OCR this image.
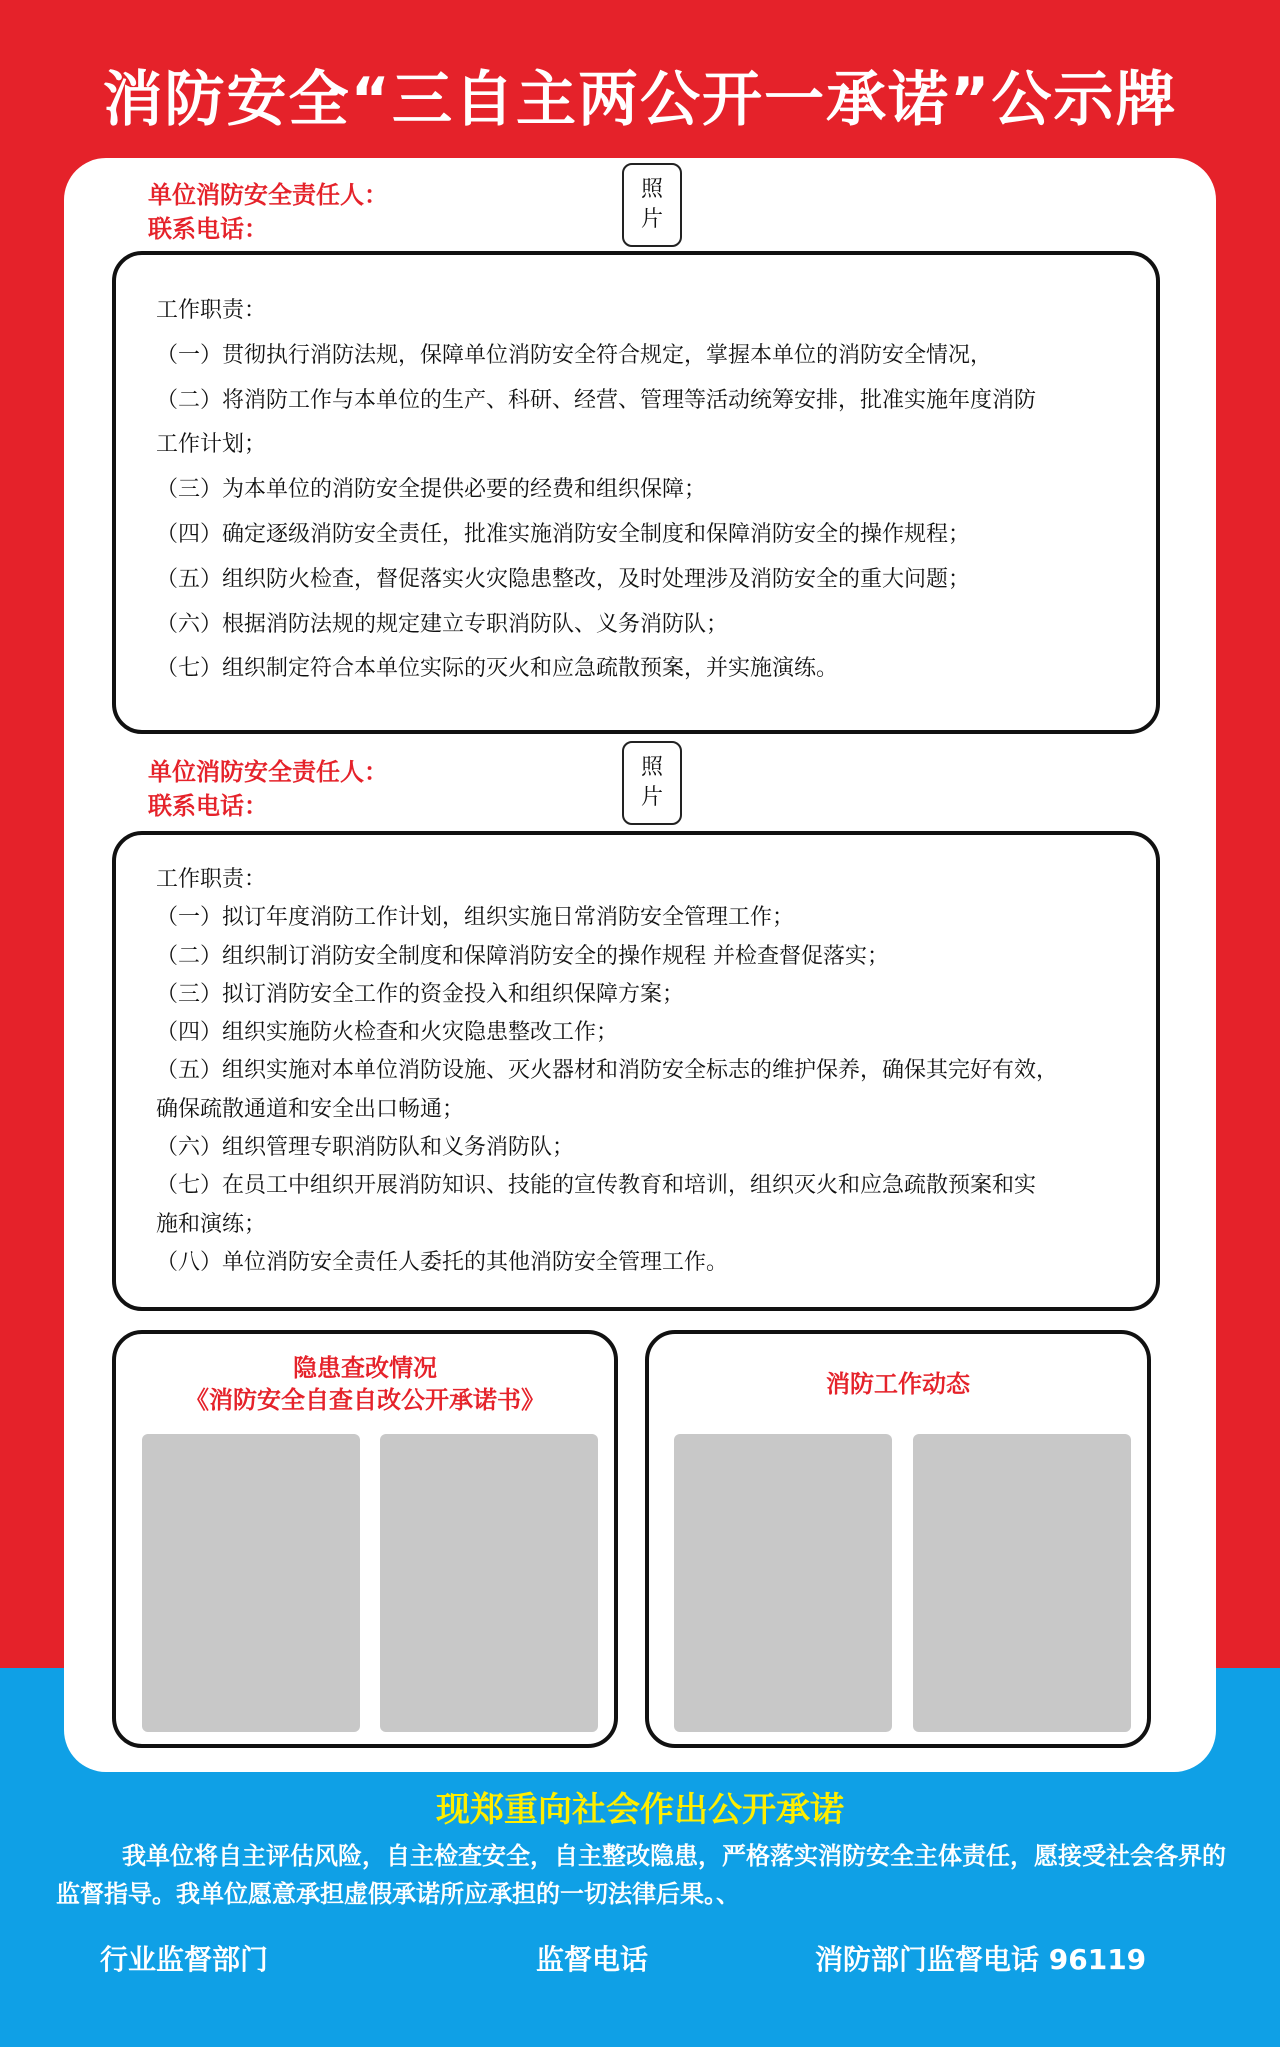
消防安全“三自主两公开一承诺”公示牌
单位消防安全责任人：
联系电话：
照片
工作职责：
（一）贯彻执行消防法规，保障单位消防安全符合规定，掌握本单位的消防安全情况，
（二）将消防工作与本单位的生产、科研、经营、管理等活动统筹安排，批准实施年度消防
工作计划；
（三）为本单位的消防安全提供必要的经费和组织保障；
（四）确定逐级消防安全责任，批准实施消防安全制度和保障消防安全的操作规程；
（五）组织防火检查，督促落实火灾隐患整改，及时处理涉及消防安全的重大问题；
（六）根据消防法规的规定建立专职消防队、义务消防队；
（七）组织制定符合本单位实际的灭火和应急疏散预案，并实施演练。
单位消防安全责任人：
联系电话：
照片
工作职责：
（一）拟订年度消防工作计划，组织实施日常消防安全管理工作；
（二）组织制订消防安全制度和保障消防安全的操作规程 并检查督促落实；
（三）拟订消防安全工作的资金投入和组织保障方案；
（四）组织实施防火检查和火灾隐患整改工作；
（五）组织实施对本单位消防设施、灭火器材和消防安全标志的维护保养，确保其完好有效，
确保疏散通道和安全出口畅通；
（六）组织管理专职消防队和义务消防队；
（七）在员工中组织开展消防知识、技能的宣传教育和培训，组织灭火和应急疏散预案和实
施和演练；
（八）单位消防安全责任人委托的其他消防安全管理工作。
隐患查改情况
《消防安全自查自改公开承诺书》
消防工作动态
现郑重向社会作出公开承诺
我单位将自主评估风险，自主检查安全，自主整改隐患，严格落实消防安全主体责任，愿接受社会各界的监督指导。我单位愿意承担虚假承诺所应承担的一切法律后果。、
行业监督部门	监督电话	消防部门监督电话 96119
